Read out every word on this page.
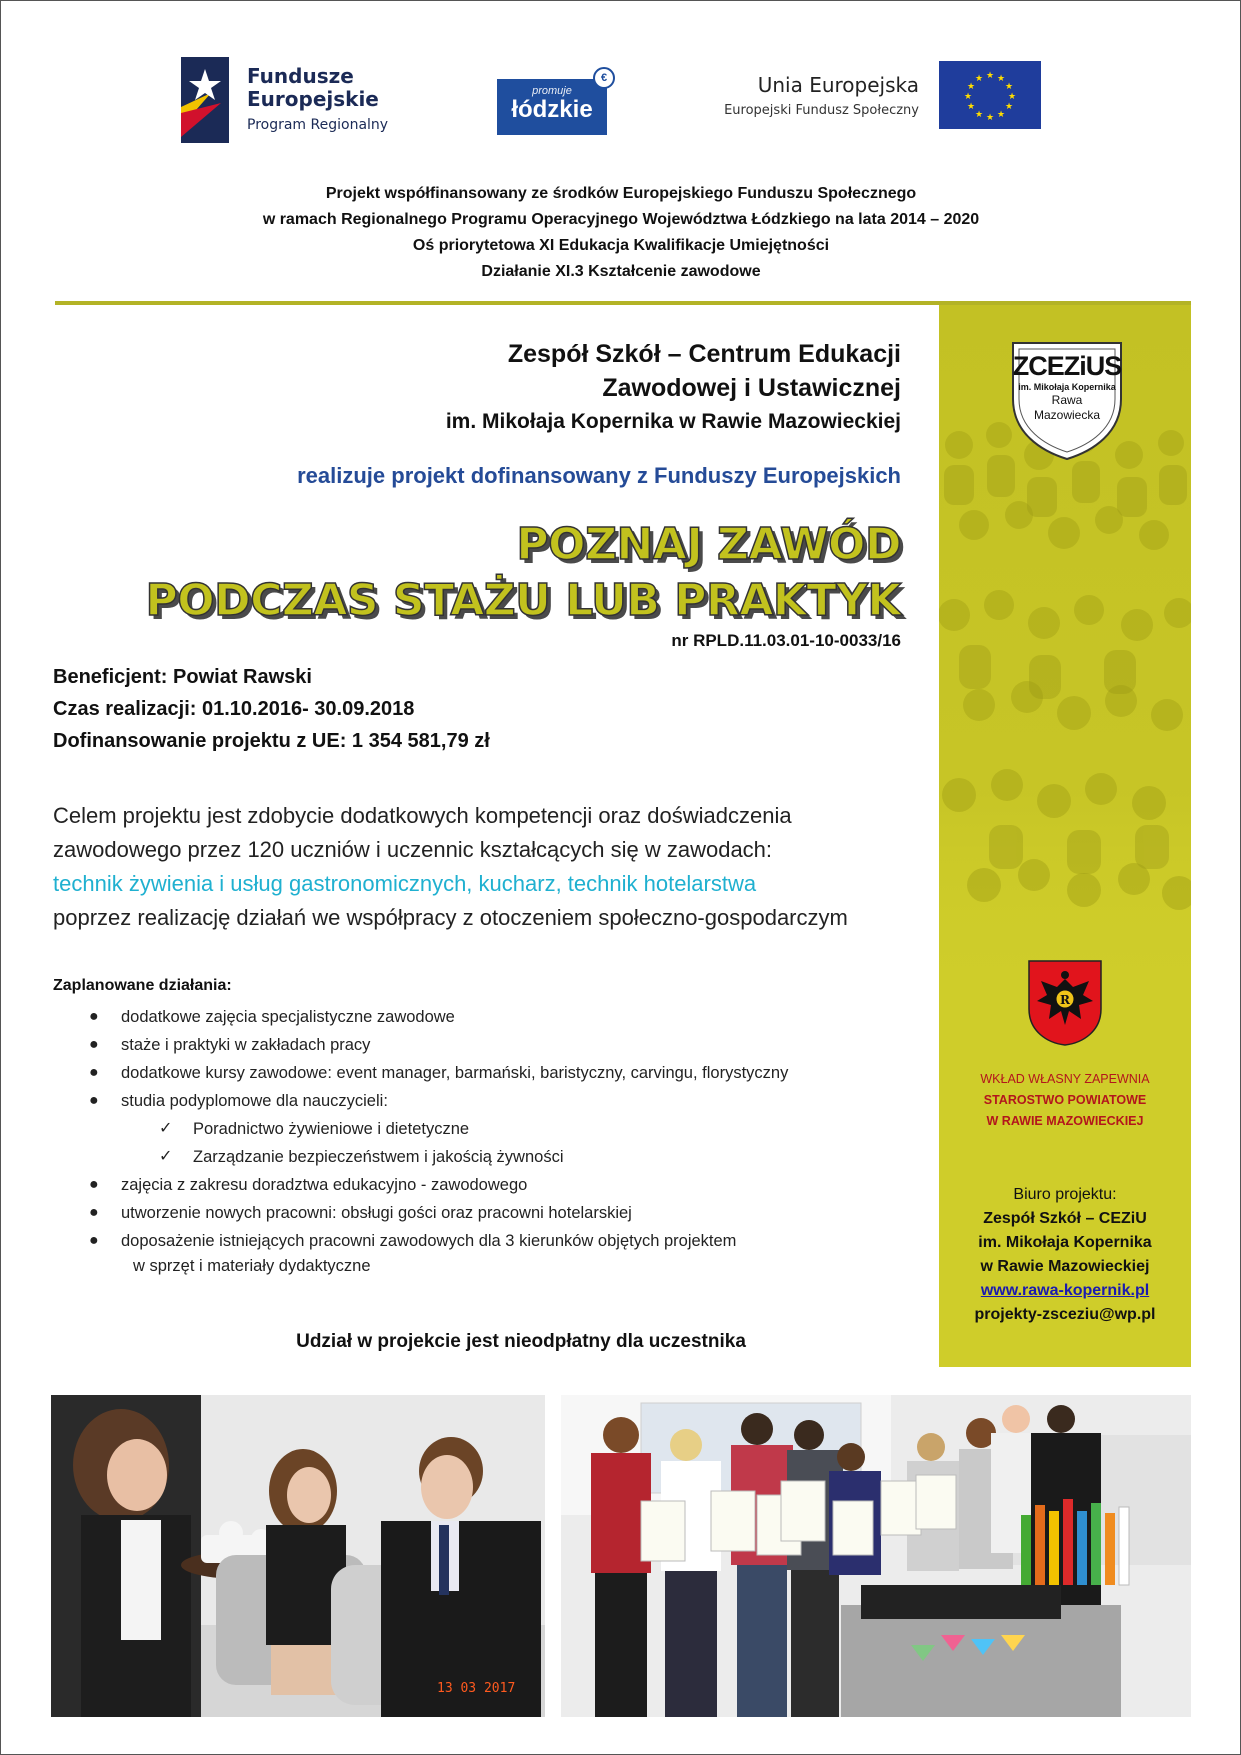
Fundusze
Europejskie
Program Regionalny
promuje
łódzkie
€	Unia Europejska
Europejski Fundusz Społeczny
★ ★
★
★
★
★
★
★
★
★
★
★
Projekt współfinansowany ze środków Europejskiego Funduszu Społecznego
w ramach Regionalnego Programu Operacyjnego Województwa Łódzkiego na lata 2014 – 2020
Oś priorytetowa XI Edukacja Kwalifikacje Umiejętności
Działanie XI.3 Kształcenie zawodowe
ZCEZiUS
im. Mikołaja Kopernika
Rawa
Mazowiecka
R
WKŁAD WŁASNY ZAPEWNIA
STAROSTWO POWIATOWE
W RAWIE MAZOWIECKIEJ
Biuro projektu:
Zespół Szkół – CEZiU
im. Mikołaja Kopernika
w Rawie Mazowieckiej
www.rawa-kopernik.pl
projekty-zsceziu@wp.pl
Zespół Szkół – Centrum Edukacji
Zawodowej i Ustawicznej
im. Mikołaja Kopernika w Rawie Mazowieckiej
realizuje projekt dofinansowany z Funduszy Europejskich
POZNAJ ZAWÓD
PODCZAS STAŻU LUB PRAKTYK
nr RPLD.11.03.01-10-0033/16
Beneficjent: Powiat Rawski
Czas realizacji: 01.10.2016- 30.09.2018
Dofinansowanie projektu z UE: 1 354 581,79 zł
Celem projektu jest zdobycie dodatkowych kompetencji oraz doświadczenia
zawodowego przez 120 uczniów i uczennic kształcących się w zawodach:
technik żywienia i usług gastronomicznych, kucharz, technik hotelarstwa
poprzez realizację działań we współpracy z otoczeniem społeczno-gospodarczym
Zaplanowane działania:
● dodatkowe zajęcia specjalistyczne zawodowe
● staże i praktyki w zakładach pracy
● dodatkowe kursy zawodowe: event manager, barmański, baristyczny, carvingu, florystyczny
● studia podyplomowe dla nauczycieli:
✓ Poradnictwo żywieniowe i dietetyczne
✓ Zarządzanie bezpieczeństwem i jakością żywności
● zajęcia z zakresu doradztwa edukacyjno - zawodowego
● utworzenie nowych pracowni: obsługi gości oraz pracowni hotelarskiej
● doposażenie istniejących pracowni zawodowych dla 3 kierunków objętych projektem
w sprzęt i materiały dydaktyczne
Udział w projekcie jest nieodpłatny dla uczestnika
13 03 2017
